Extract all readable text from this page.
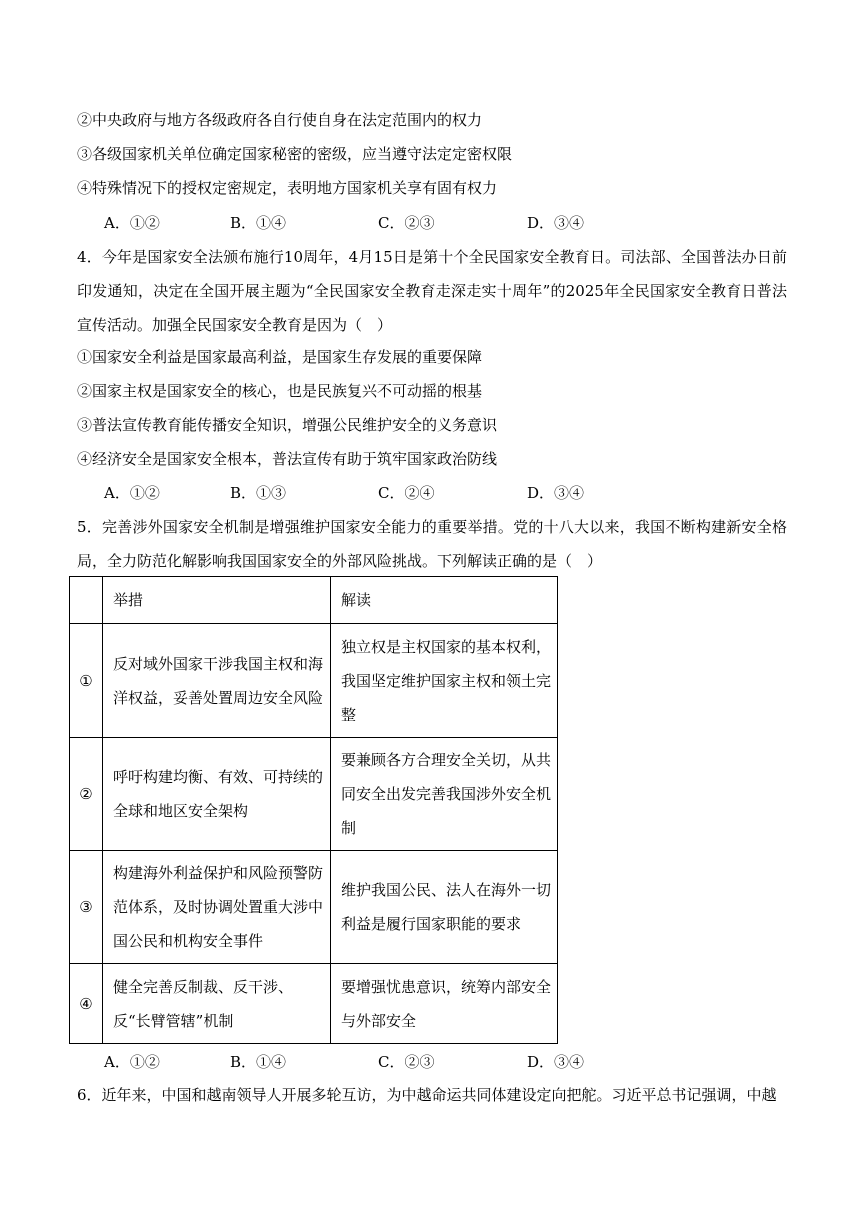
②中央政府与地方各级政府各自行使自身在法定范围内的权力
③各级国家机关单位确定国家秘密的密级，应当遵守法定定密权限
④特殊情况下的授权定密规定，表明地方国家机关享有固有权力
A．①②	B．①④	C．②③	D．③④
4．今年是国家安全法颁布施行10周年，4月15日是第十个全民国家安全教育日。司法部、全国普法办日前印发通知，决定在全国开展主题为“全民国家安全教育走深走实十周年”的2025年全民国家安全教育日普法宣传活动。加强全民国家安全教育是因为（　）
①国家安全利益是国家最高利益，是国家生存发展的重要保障
②国家主权是国家安全的核心，也是民族复兴不可动摇的根基
③普法宣传教育能传播安全知识，增强公民维护安全的义务意识
④经济安全是国家安全根本，普法宣传有助于筑牢国家政治防线
A．①②	B．①③	C．②④	D．③④
5．完善涉外国家安全机制是增强维护国家安全能力的重要举措。党的十八大以来，我国不断构建新安全格局，全力防范化解影响我国国家安全的外部风险挑战。下列解读正确的是（　）
	举措	解读
①	反对域外国家干涉我国主权和海洋权益，妥善处置周边安全风险	独立权是主权国家的基本权利，我国坚定维护国家主权和领土完整
②	呼吁构建均衡、有效、可持续的全球和地区安全架构	要兼顾各方合理安全关切，从共同安全出发完善我国涉外安全机制
③	构建海外利益保护和风险预警防范体系，及时协调处置重大涉中国公民和机构安全事件	维护我国公民、法人在海外一切利益是履行国家职能的要求
④	健全完善反制裁、反干涉、反“长臂管辖”机制	要增强忧患意识，统筹内部安全与外部安全
A．①②	B．①④	C．②③	D．③④
6．近年来，中国和越南领导人开展多轮互访，为中越命运共同体建设定向把舵。习近平总书记强调，中越
